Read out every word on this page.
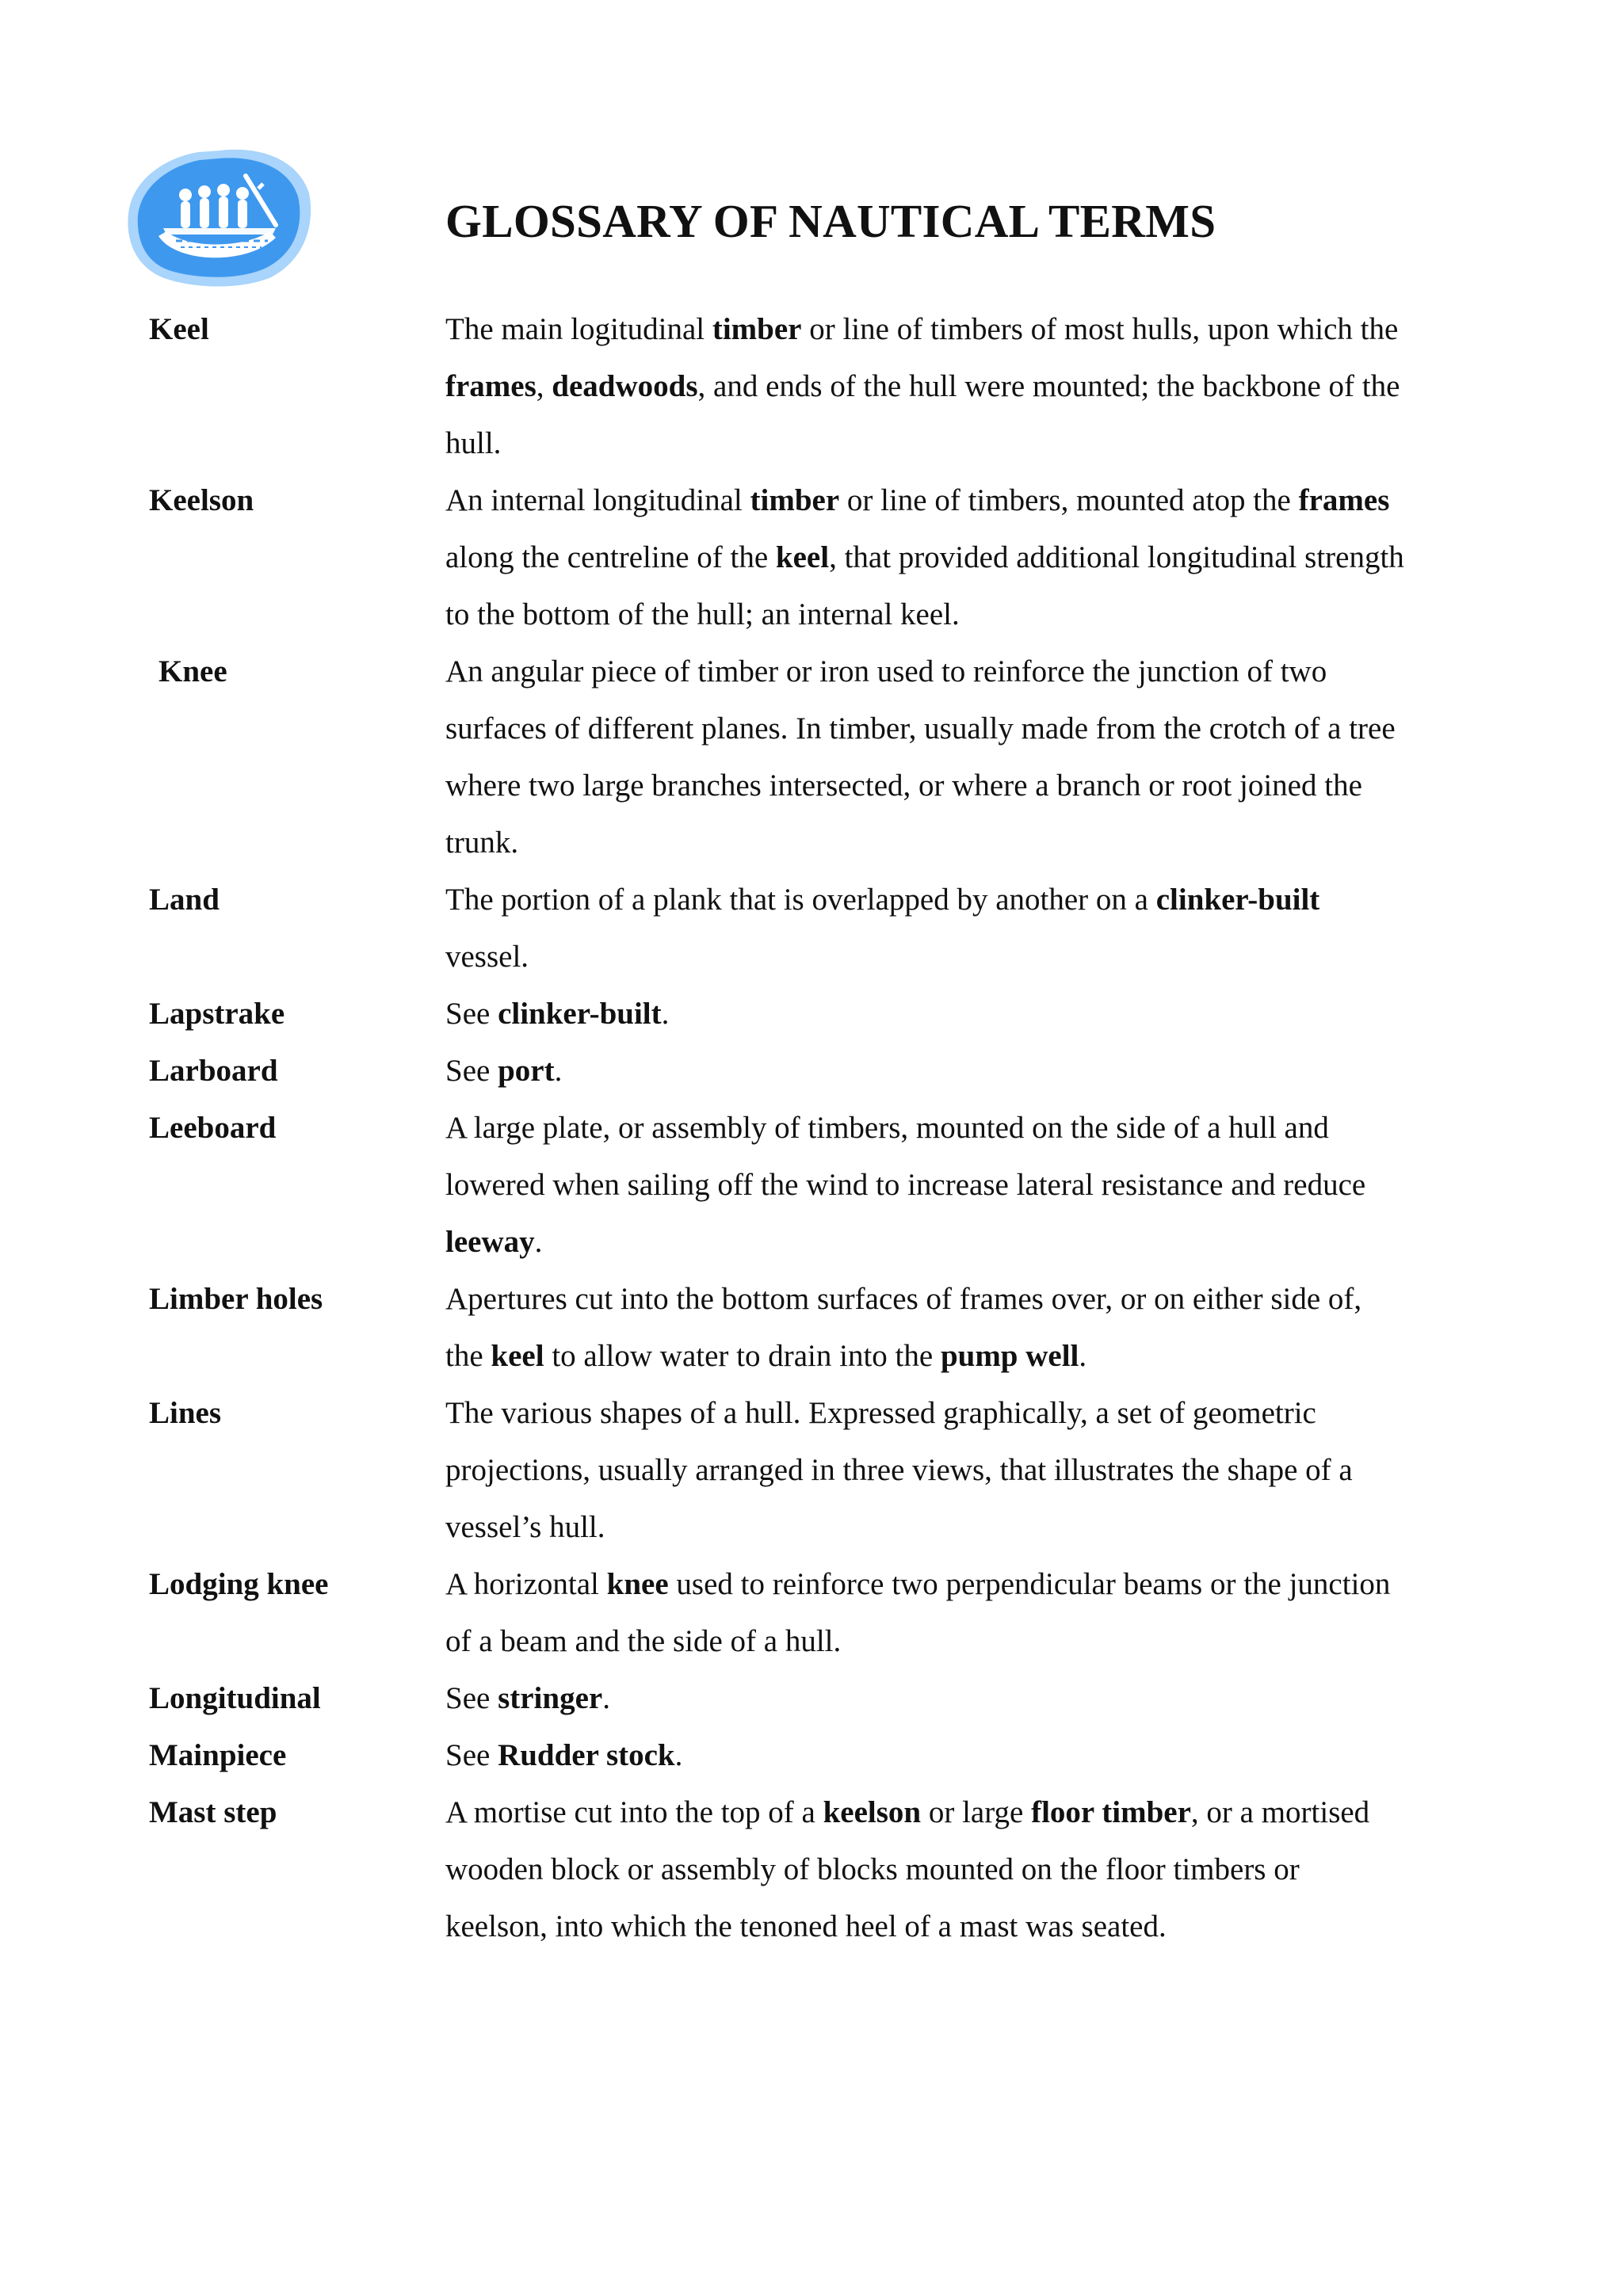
GLOSSARY OF NAUTICAL TERMS
Keel	The main logitudinal timber or line of timbers of most hulls, upon which the frames, deadwoods, and ends of the hull were mounted; the backbone of the hull.
Keelson	An internal longitudinal timber or line of timbers, mounted atop the frames along the centreline of the keel, that provided additional longitudinal strength to the bottom of the hull; an internal keel.
Knee	An angular piece of timber or iron used to reinforce the junction of two surfaces of different planes. In timber, usually made from the crotch of a tree where two large branches intersected, or where a branch or root joined the trunk.
Land	The portion of a plank that is overlapped by another on a clinker-built vessel.
Lapstrake	See clinker-built.
Larboard	See port.
Leeboard	A large plate, or assembly of timbers, mounted on the side of a hull and lowered when sailing off the wind to increase lateral resistance and reduce leeway.
Limber holes	Apertures cut into the bottom surfaces of frames over, or on either side of, the keel to allow water to drain into the pump well.
Lines	The various shapes of a hull. Expressed graphically, a set of geometric projections, usually arranged in three views, that illustrates the shape of a vessel’s hull.
Lodging knee	A horizontal knee used to reinforce two perpendicular beams or the junction of a beam and the side of a hull.
Longitudinal	See stringer.
Mainpiece	See Rudder stock.
Mast step	A mortise cut into the top of a keelson or large floor timber, or a mortised wooden block or assembly of blocks mounted on the floor timbers or keelson, into which the tenoned heel of a mast was seated.
